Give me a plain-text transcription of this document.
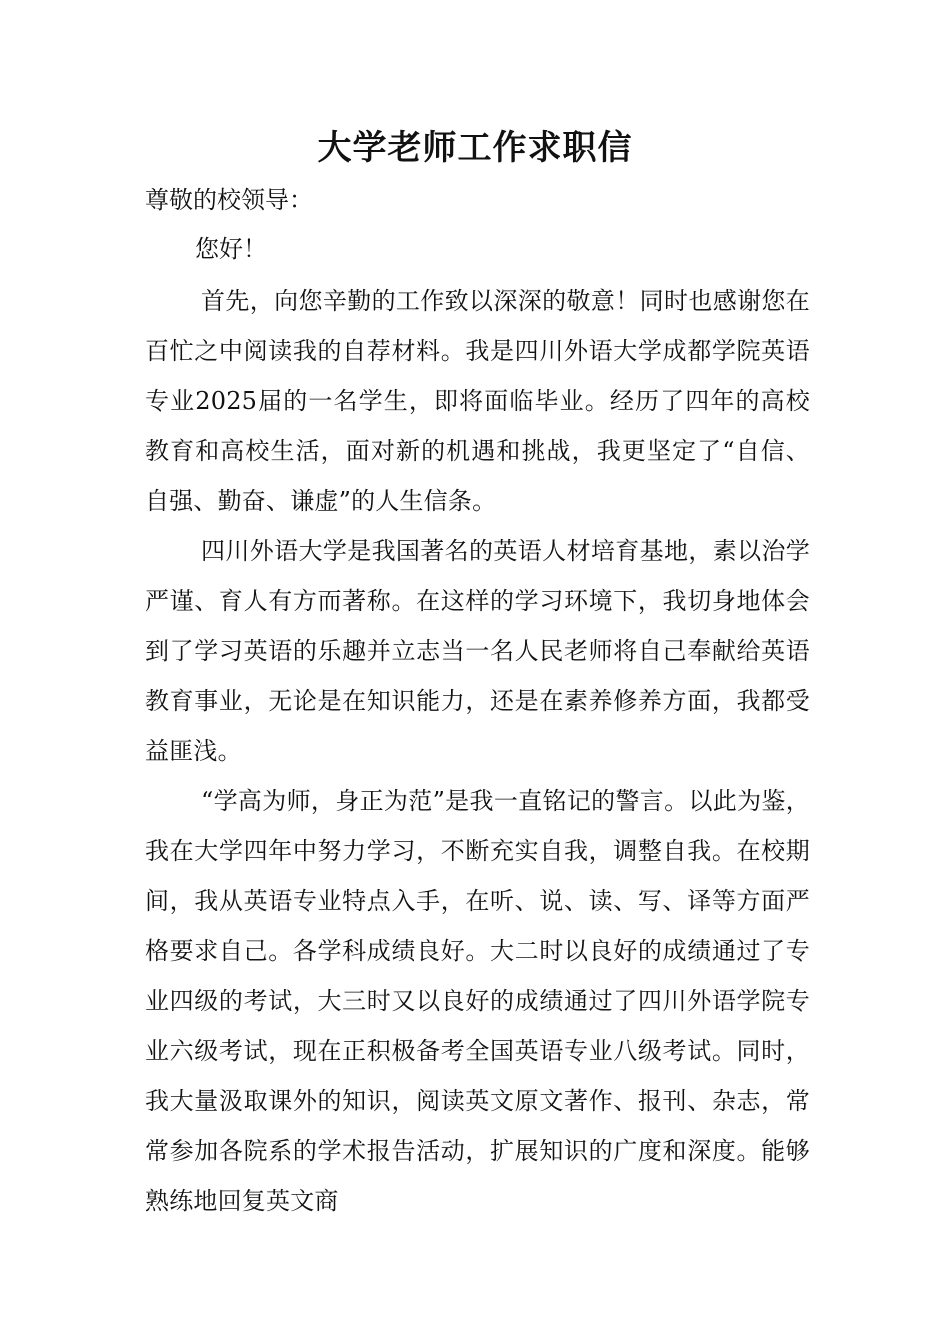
大学老师工作求职信

尊敬的校领导：

您好！

首先，向您辛勤的工作致以深深的敬意！同时也感谢您在百忙之中阅读我的自荐材料。我是四川外语大学成都学院英语专业2025届的一名学生，即将面临毕业。经历了四年的高校教育和高校生活，面对新的机遇和挑战，我更坚定了“自信、自强、勤奋、谦虚”的人生信条。

四川外语大学是我国著名的英语人材培育基地，素以治学严谨、育人有方而著称。在这样的学习环境下，我切身地体会到了学习英语的乐趣并立志当一名人民老师将自己奉献给英语教育事业，无论是在知识能力，还是在素养修养方面，我都受益匪浅。

“学高为师，身正为范”是我一直铭记的警言。以此为鉴，我在大学四年中努力学习，不断充实自我，调整自我。在校期间，我从英语专业特点入手，在听、说、读、写、译等方面严格要求自己。各学科成绩良好。大二时以良好的成绩通过了专业四级的考试，大三时又以良好的成绩通过了四川外语学院专业六级考试，现在正积极备考全国英语专业八级考试。同时，我大量汲取课外的知识，阅读英文原文著作、报刊、杂志，常常参加各院系的学术报告活动，扩展知识的广度和深度。能够熟练地回复英文商
